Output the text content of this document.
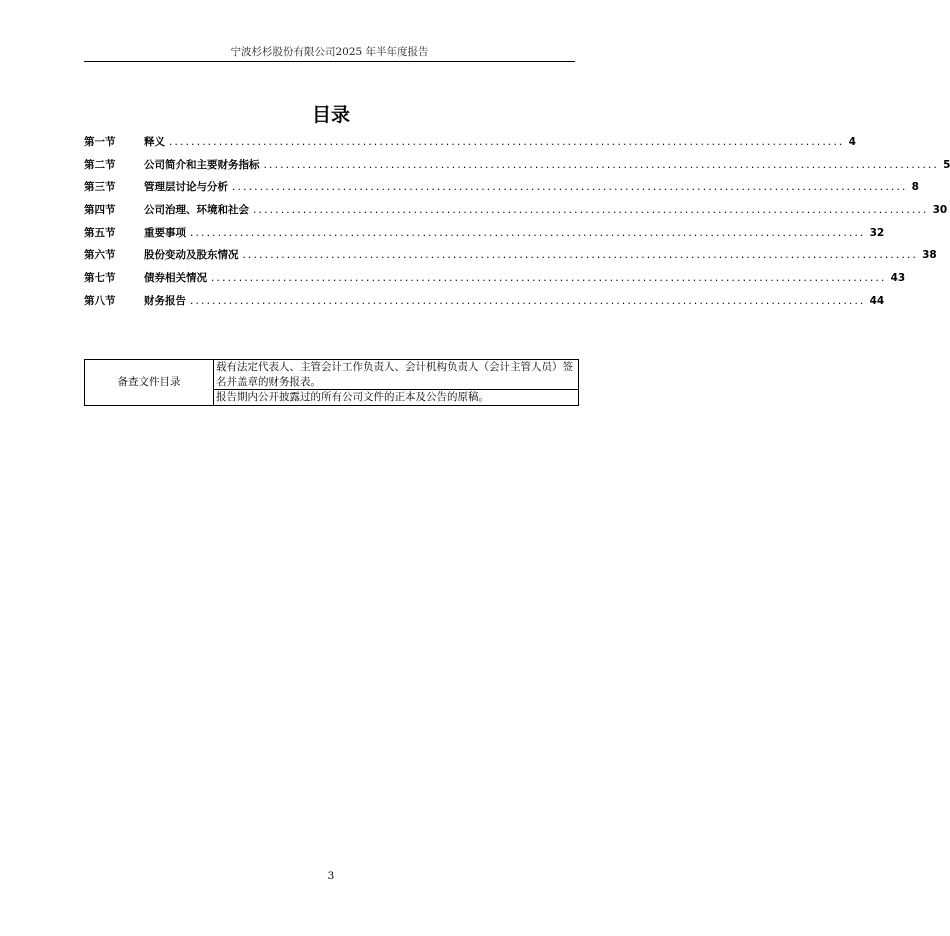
宁波杉杉股份有限公司2025 年半年度报告
目录
第一节	释义 .......................................................................................................................... 4
第二节	公司简介和主要财务指标 .......................................................................................................................... 5
第三节	管理层讨论与分析 .......................................................................................................................... 8
第四节	公司治理、环境和社会 .......................................................................................................................... 30
第五节	重要事项 .......................................................................................................................... 32
第六节	股份变动及股东情况 .......................................................................................................................... 38
第七节	债券相关情况 .......................................................................................................................... 43
第八节	财务报告 .......................................................................................................................... 44
备查文件目录	载有法定代表人、主管会计工作负责人、会计机构负责人（会计主管人员）签名并盖章的财务报表。
报告期内公开披露过的所有公司文件的正本及公告的原稿。
3
